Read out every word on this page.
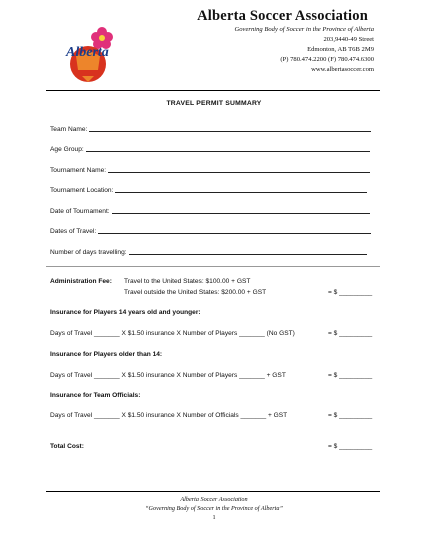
Alberta Soccer Association
Governing Body of Soccer in the Province of Alberta
203,9440-49 Street
Edmonton, AB T6B 2M9
(P) 780.474.2200 (F) 780.474.6300
www.albertasoccer.com
Alberta
TRAVEL PERMIT SUMMARY
Team Name:
Age Group:
Tournament Name:
Tournament Location:
Date of Tournament:
Dates of Travel:
Number of days travelling:
Administration Fee: Travel to the United States: $100.00 + GST
Travel outside the United States: $200.00 + GST	= $ _________
Insurance for Players 14 years old and younger:
Days of Travel _______ X $1.50 insurance X Number of Players _______ (No GST)	= $ _________
Insurance for Players older than 14:
Days of Travel _______ X $1.50 insurance X Number of Players _______ + GST	= $ _________
Insurance for Team Officials:
Days of Travel _______ X $1.50 insurance X Number of Officials _______ + GST	= $ _________
Total Cost:	= $ _________
Alberta Soccer Association
“Governing Body of Soccer in the Province of Alberta”
1
